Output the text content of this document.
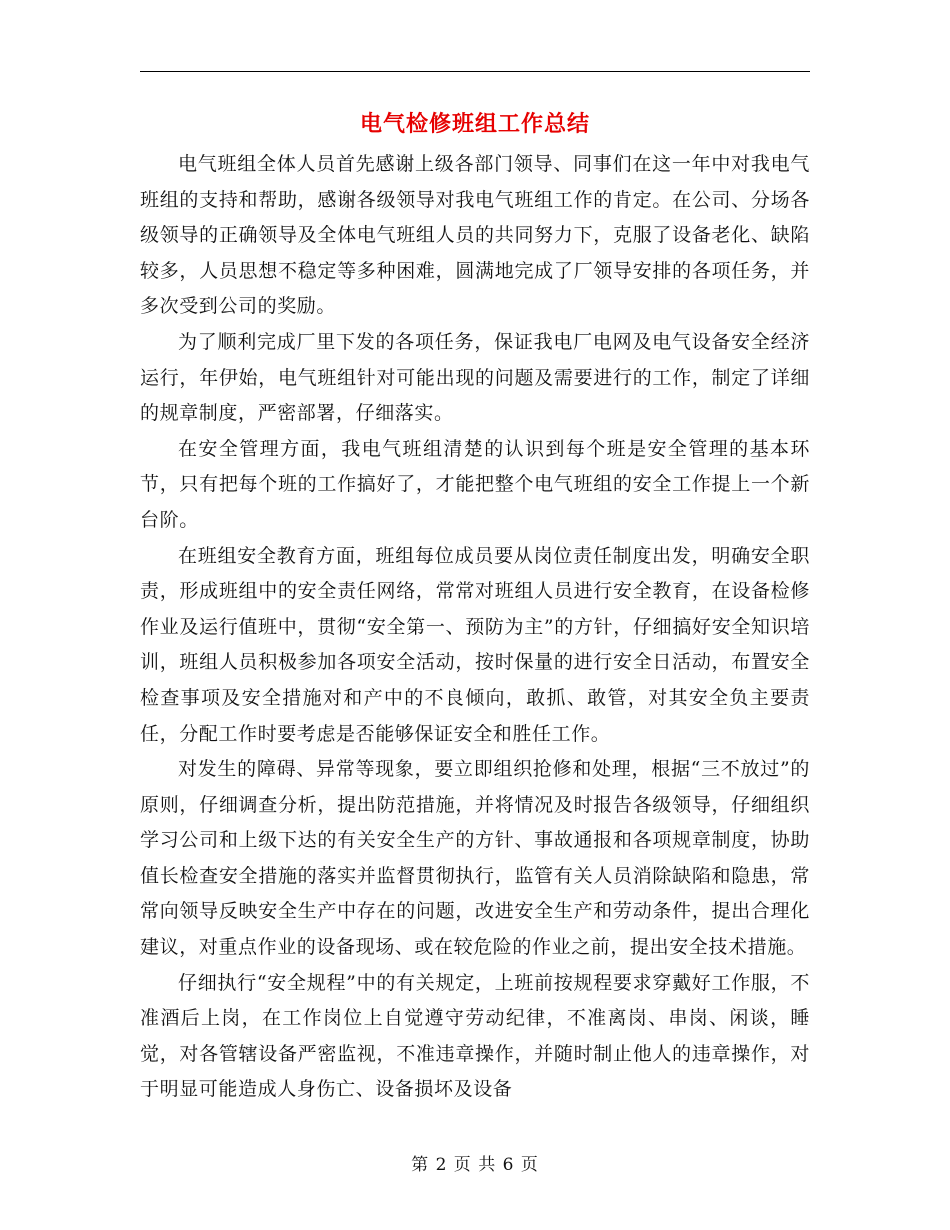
电气检修班组工作总结

电气班组全体人员首先感谢上级各部门领导、同事们在这一年中对我电气班组的支持和帮助，感谢各级领导对我电气班组工作的肯定。在公司、分场各级领导的正确领导及全体电气班组人员的共同努力下，克服了设备老化、缺陷较多，人员思想不稳定等多种困难，圆满地完成了厂领导安排的各项任务，并多次受到公司的奖励。

为了顺利完成厂里下发的各项任务，保证我电厂电网及电气设备安全经济运行，年伊始，电气班组针对可能出现的问题及需要进行的工作，制定了详细的规章制度，严密部署，仔细落实。

在安全管理方面，我电气班组清楚的认识到每个班是安全管理的基本环节，只有把每个班的工作搞好了，才能把整个电气班组的安全工作提上一个新台阶。

在班组安全教育方面，班组每位成员要从岗位责任制度出发，明确安全职责，形成班组中的安全责任网络，常常对班组人员进行安全教育，在设备检修作业及运行值班中，贯彻“安全第一、预防为主”的方针，仔细搞好安全知识培训，班组人员积极参加各项安全活动，按时保量的进行安全日活动，布置安全检查事项及安全措施对和产中的不良倾向，敢抓、敢管，对其安全负主要责任，分配工作时要考虑是否能够保证安全和胜任工作。

对发生的障碍、异常等现象，要立即组织抢修和处理，根据“三不放过”的原则，仔细调查分析，提出防范措施，并将情况及时报告各级领导，仔细组织学习公司和上级下达的有关安全生产的方针、事故通报和各项规章制度，协助值长检查安全措施的落实并监督贯彻执行，监管有关人员消除缺陷和隐患，常常向领导反映安全生产中存在的问题，改进安全生产和劳动条件，提出合理化建议，对重点作业的设备现场、或在较危险的作业之前，提出安全技术措施。

仔细执行“安全规程”中的有关规定，上班前按规程要求穿戴好工作服，不准酒后上岗，在工作岗位上自觉遵守劳动纪律，不准离岗、串岗、闲谈，睡觉，对各管辖设备严密监视，不准违章操作，并随时制止他人的违章操作，对于明显可能造成人身伤亡、设备损坏及设备

第 2 页 共 6 页
